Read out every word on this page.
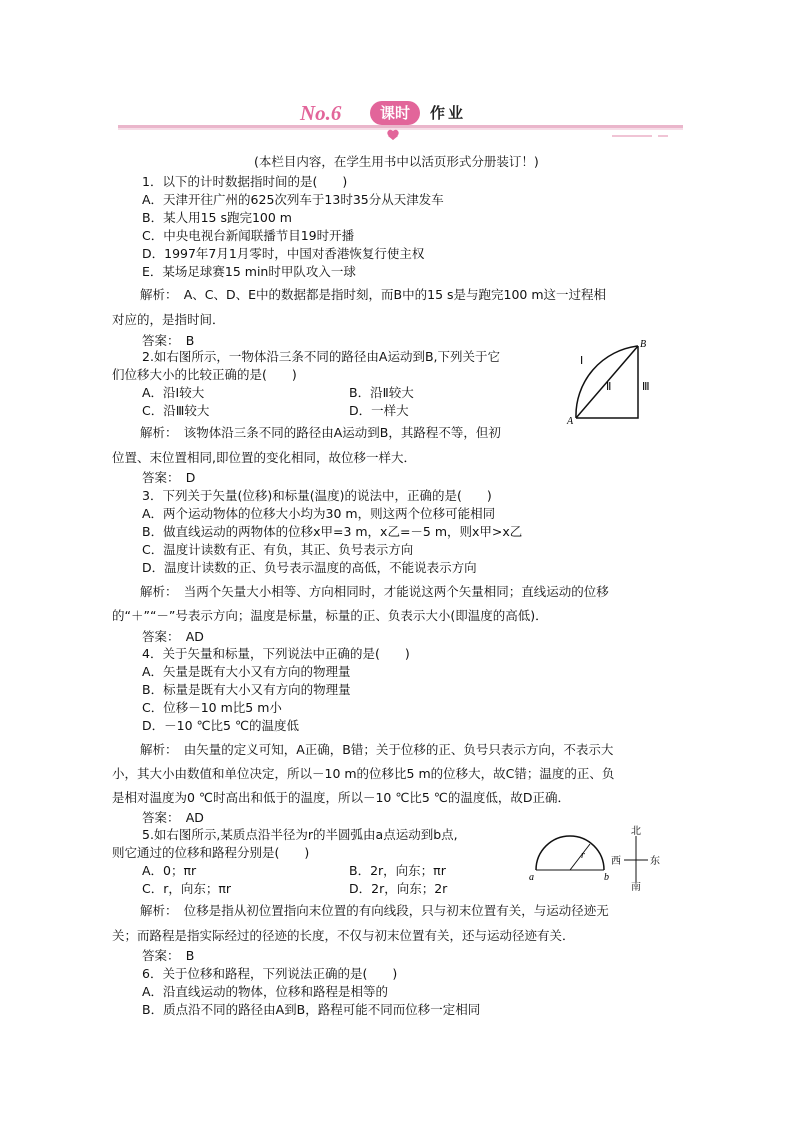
No.6	课时	作业
(本栏目内容，在学生用书中以活页形式分册装订！)
1．以下的计时数据指时间的是(　　)
A．天津开往广州的625次列车于13时35分从天津发车
B．某人用15 s跑完100 m
C．中央电视台新闻联播节目19时开播
D．1997年7月1月零时，中国对香港恢复行使主权
E．某场足球赛15 min时甲队攻入一球
解析：　A、C、D、E中的数据都是指时刻，而B中的15 s是与跑完100 m这一过程相
对应的，是指时间．
答案：　B
2.如右图所示，一物体沿三条不同的路径由A运动到B,下列关于它
们位移大小的比较正确的是(　　)
A．沿Ⅰ较大	B．沿Ⅱ较大
C．沿Ⅲ较大	D．一样大
解析：　该物体沿三条不同的路径由A运动到B，其路程不等，但初
位置、末位置相同,即位置的变化相同，故位移一样大．
答案：　D
3．下列关于矢量(位移)和标量(温度)的说法中，正确的是(　　)
A．两个运动物体的位移大小均为30 m，则这两个位移可能相同
B．做直线运动的两物体的位移x甲=3 m，x乙=－5 m，则x甲>x乙
C．温度计读数有正、有负，其正、负号表示方向
D．温度计读数的正、负号表示温度的高低，不能说表示方向
解析：　当两个矢量大小相等、方向相同时，才能说这两个矢量相同；直线运动的位移
的“＋”“－”号表示方向；温度是标量，标量的正、负表示大小(即温度的高低)．
答案：　AD
4．关于矢量和标量，下列说法中正确的是(　　)
A．矢量是既有大小又有方向的物理量
B．标量是既有大小又有方向的物理量
C．位移－10 m比5 m小
D．－10 ℃比5 ℃的温度低
解析：　由矢量的定义可知，A正确，B错；关于位移的正、负号只表示方向，不表示大
小，其大小由数值和单位决定，所以－10 m的位移比5 m的位移大，故C错；温度的正、负
是相对温度为0 ℃时高出和低于的温度，所以－10 ℃比5 ℃的温度低，故D正确．
答案：　AD
5.如右图所示,某质点沿半径为r的半圆弧由a点运动到b点,
则它通过的位移和路程分别是(　　)
A．0；πr	B．2r，向东；πr
C．r，向东；πr	D．2r，向东；2r
解析：　位移是指从初位置指向末位置的有向线段，只与初末位置有关，与运动径迹无
关；而路程是指实际经过的径迹的长度，不仅与初末位置有关，还与运动径迹有关．
答案：　B
6．关于位移和路程，下列说法正确的是(　　)
A．沿直线运动的物体，位移和路程是相等的
B．质点沿不同的路径由A到B，路程可能不同而位移一定相同
Ⅰ
Ⅱ	Ⅲ
A
B
a	b
r
北
西	东
南
